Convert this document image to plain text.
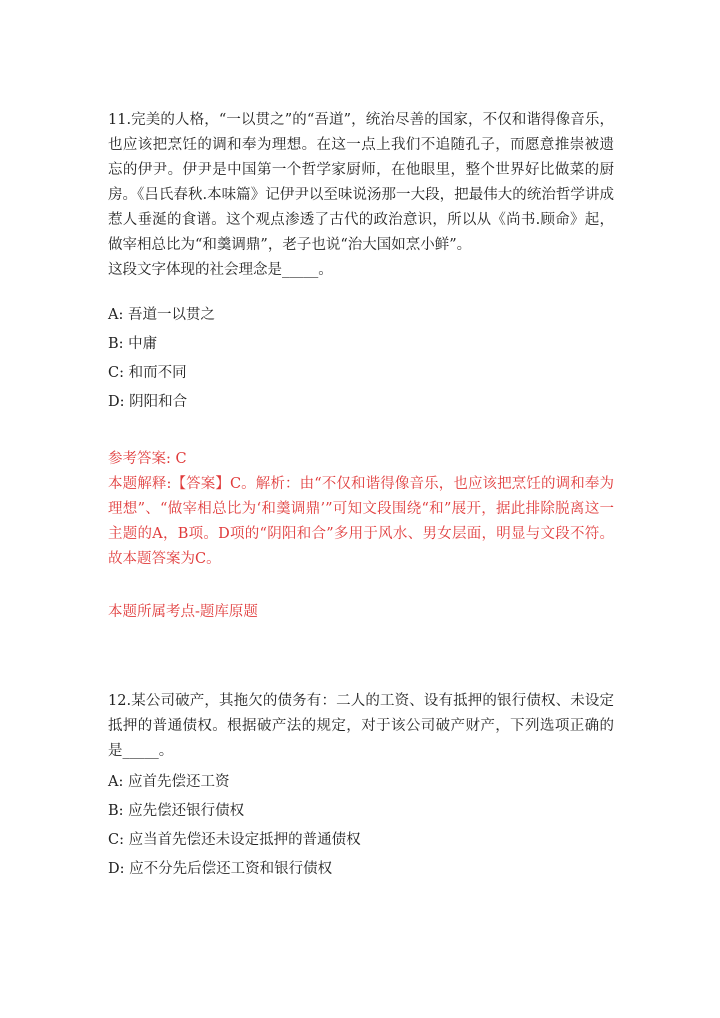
11.完美的人格，“一以贯之”的“吾道”，统治尽善的国家，不仅和谐得像音乐，也应该把烹饪的调和奉为理想。在这一点上我们不追随孔子，而愿意推崇被遗忘的伊尹。伊尹是中国第一个哲学家厨师，在他眼里，整个世界好比做菜的厨房。《吕氏春秋.本味篇》记伊尹以至味说汤那一大段，把最伟大的统治哲学讲成惹人垂涎的食谱。这个观点渗透了古代的政治意识，所以从《尚书.顾命》起，做宰相总比为“和羹调鼎”，老子也说“治大国如烹小鲜”。

这段文字体现的社会理念是_____。

A: 吾道一以贯之

B: 中庸

C: 和而不同

D: 阴阳和合

参考答案: C

本题解释:【答案】C。解析：由“不仅和谐得像音乐，也应该把烹饪的调和奉为理想”、“做宰相总比为‘和羹调鼎’”可知文段围绕“和”展开，据此排除脱离这一主题的A，B项。D项的“阴阳和合”多用于风水、男女层面，明显与文段不符。故本题答案为C。

本题所属考点-题库原题

12.某公司破产，其拖欠的债务有：二人的工资、设有抵押的银行债权、未设定抵押的普通债权。根据破产法的规定，对于该公司破产财产，下列选项正确的是_____。

A: 应首先偿还工资

B: 应先偿还银行债权

C: 应当首先偿还未设定抵押的普通债权

D: 应不分先后偿还工资和银行债权
